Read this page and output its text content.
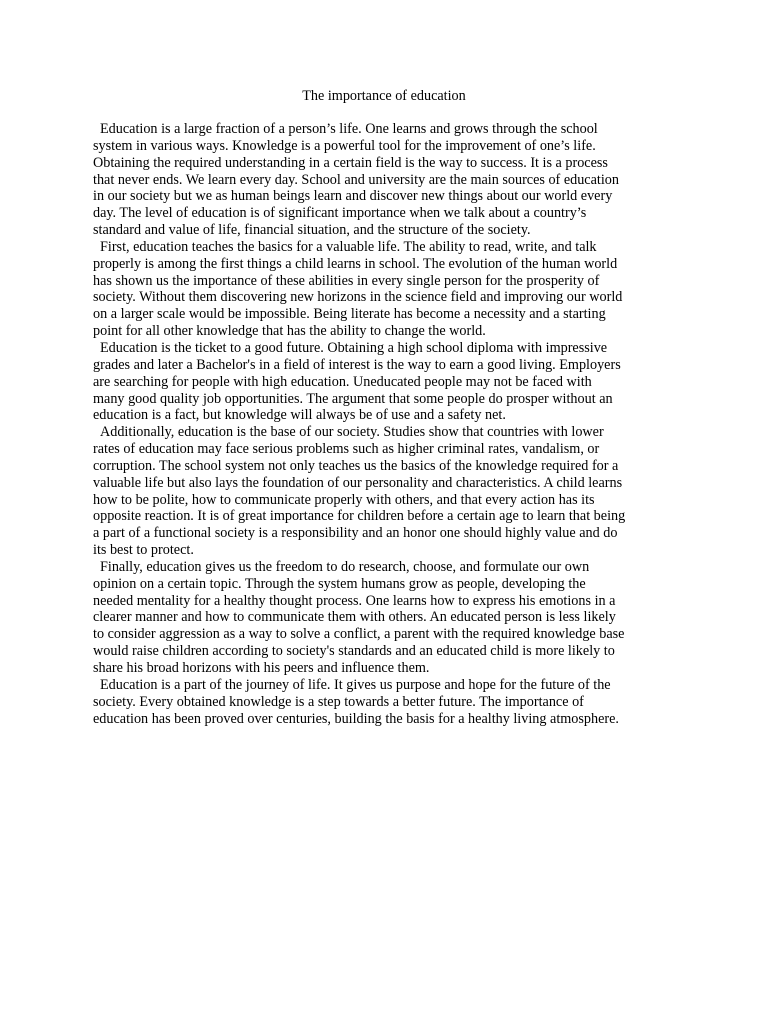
The importance of education
Education is a large fraction of a person’s life. One learns and grows through the school
system in various ways. Knowledge is a powerful tool for the improvement of one’s life.
Obtaining the required understanding in a certain field is the way to success. It is a process
that never ends. We learn every day. School and university are the main sources of education
in our society but we as human beings learn and discover new things about our world every
day. The level of education is of significant importance when we talk about a country’s
standard and value of life, financial situation, and the structure of the society.
First, education teaches the basics for a valuable life. The ability to read, write, and talk
properly is among the first things a child learns in school. The evolution of the human world
has shown us the importance of these abilities in every single person for the prosperity of
society. Without them discovering new horizons in the science field and improving our world
on a larger scale would be impossible. Being literate has become a necessity and a starting
point for all other knowledge that has the ability to change the world.
Education is the ticket to a good future. Obtaining a high school diploma with impressive
grades and later a Bachelor's in a field of interest is the way to earn a good living. Employers
are searching for people with high education. Uneducated people may not be faced with
many good quality job opportunities. The argument that some people do prosper without an
education is a fact, but knowledge will always be of use and a safety net.
Additionally, education is the base of our society. Studies show that countries with lower
rates of education may face serious problems such as higher criminal rates, vandalism, or
corruption. The school system not only teaches us the basics of the knowledge required for a
valuable life but also lays the foundation of our personality and characteristics. A child learns
how to be polite, how to communicate properly with others, and that every action has its
opposite reaction. It is of great importance for children before a certain age to learn that being
a part of a functional society is a responsibility and an honor one should highly value and do
its best to protect.
Finally, education gives us the freedom to do research, choose, and formulate our own
opinion on a certain topic. Through the system humans grow as people, developing the
needed mentality for a healthy thought process. One learns how to express his emotions in a
clearer manner and how to communicate them with others. An educated person is less likely
to consider aggression as a way to solve a conflict, a parent with the required knowledge base
would raise children according to society's standards and an educated child is more likely to
share his broad horizons with his peers and influence them.
Education is a part of the journey of life. It gives us purpose and hope for the future of the
society. Every obtained knowledge is a step towards a better future. The importance of
education has been proved over centuries, building the basis for a healthy living atmosphere.
